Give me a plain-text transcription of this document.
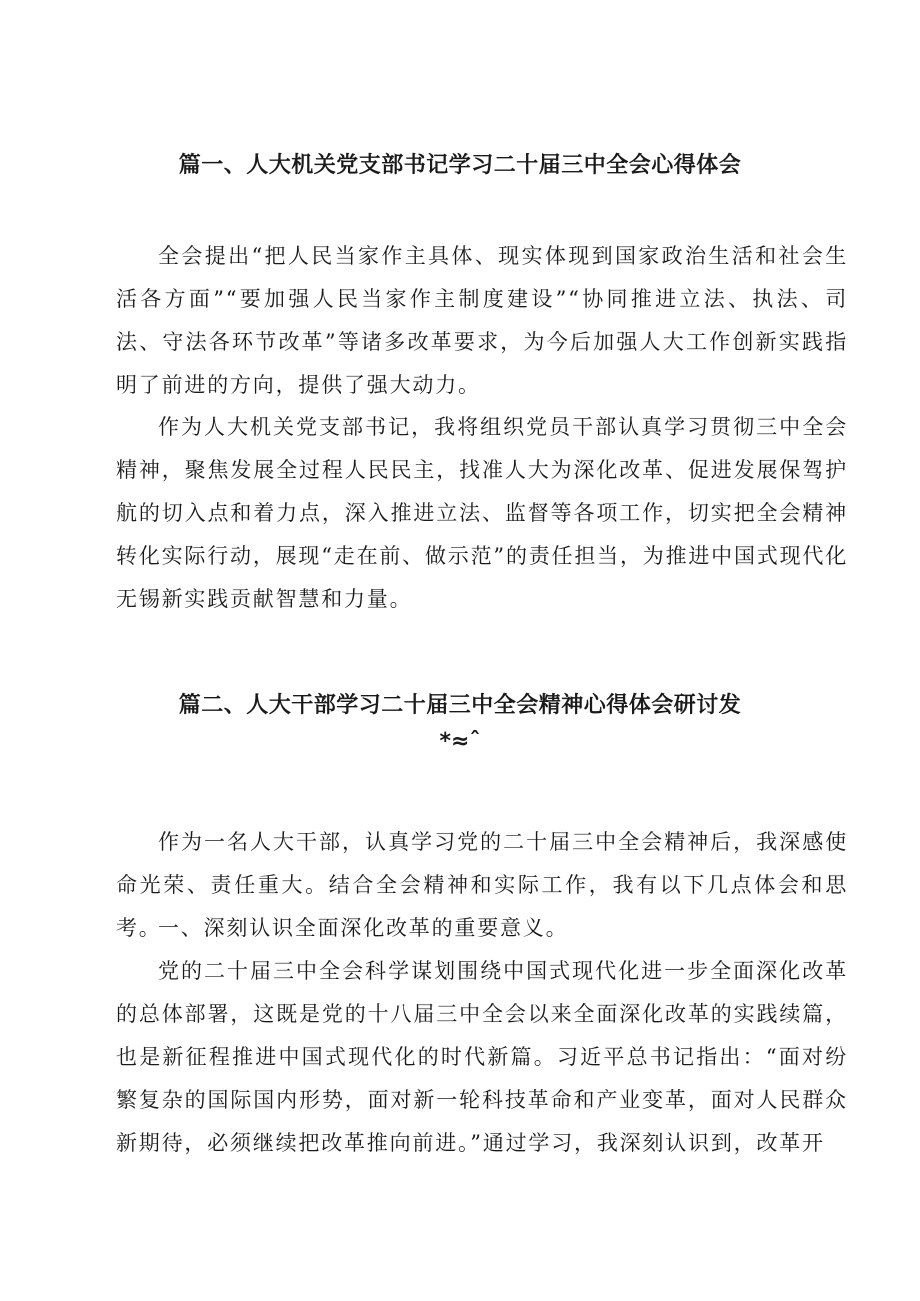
篇一、人大机关党支部书记学习二十届三中全会心得体会

全会提出“把人民当家作主具体、现实体现到国家政治生活和社会生活各方面”“要加强人民当家作主制度建设”“协同推进立法、执法、司法、守法各环节改革”等诸多改革要求，为今后加强人大工作创新实践指明了前进的方向，提供了强大动力。

作为人大机关党支部书记，我将组织党员干部认真学习贯彻三中全会精神，聚焦发展全过程人民民主，找准人大为深化改革、促进发展保驾护航的切入点和着力点，深入推进立法、监督等各项工作，切实把全会精神转化实际行动，展现“走在前、做示范”的责任担当，为推进中国式现代化无锡新实践贡献智慧和力量。

篇二、人大干部学习二十届三中全会精神心得体会研讨发
*≈ˆ

作为一名人大干部，认真学习党的二十届三中全会精神后，我深感使命光荣、责任重大。结合全会精神和实际工作，我有以下几点体会和思考。

一、深刻认识全面深化改革的重要意义。

党的二十届三中全会科学谋划围绕中国式现代化进一步全面深化改革的总体部署，这既是党的十八届三中全会以来全面深化改革的实践续篇，也是新征程推进中国式现代化的时代新篇。习近平总书记指出：“面对纷繁复杂的国际国内形势，面对新一轮科技革命和产业变革，面对人民群众新期待，必须继续把改革推向前进。”通过学习，我深刻认识到，改革开
